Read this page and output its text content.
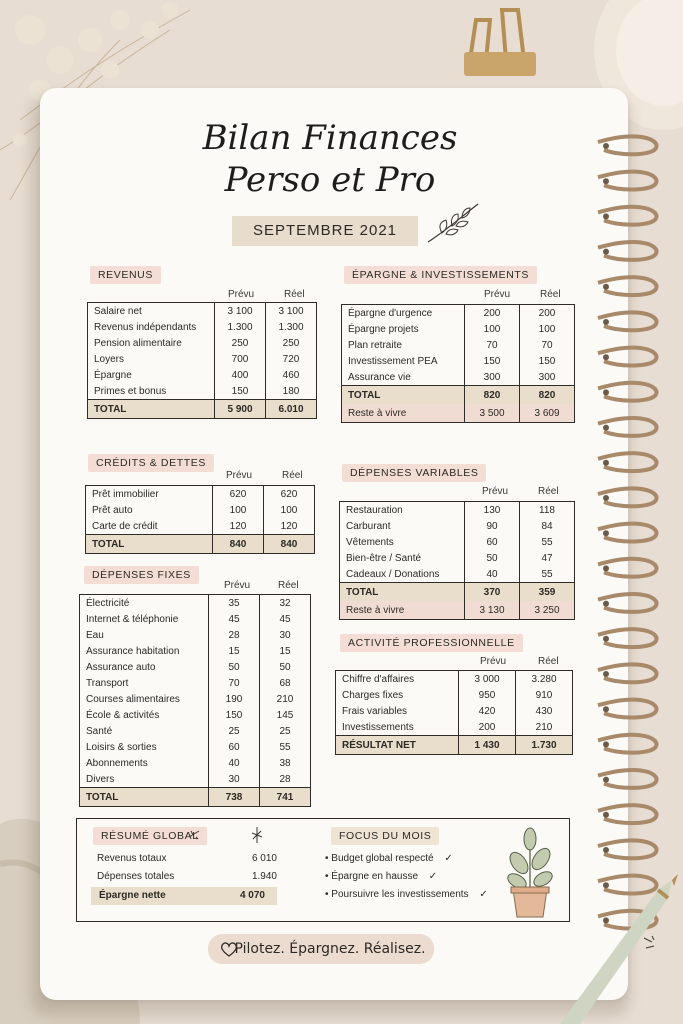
Bilan Finances
Perso et Pro
SEPTEMBRE 2021
REVENUS
Prévu	Réel
Salaire net	3 100	3 100
Revenus indépendants	1.300	1.300
Pension alimentaire	250	250
Loyers	700	720
Épargne	400	460
Primes et bonus	150	180
TOTAL	5 900	6.010
ÉPARGNE & INVESTISSEMENTS
Prévu	Réel
Épargne d'urgence	200	200
Épargne projets	100	100
Plan retraite	70	70
Investissement PEA	150	150
Assurance vie	300	300
TOTAL	820	820
Reste à vivre	3 500	3 609
CRÉDITS & DETTES
Prévu	Réel
Prêt immobilier	620	620
Prêt auto	100	100
Carte de crédit	120	120
TOTAL	840	840
DÉPENSES VARIABLES
Prévu	Réel
Restauration	130	118
Carburant	90	84
Vêtements	60	55
Bien-être / Santé	50	47
Cadeaux / Donations	40	55
TOTAL	370	359
Reste à vivre	3 130	3 250
DÉPENSES FIXES
Prévu	Réel
Électricité	35	32
Internet & téléphonie	45	45
Eau	28	30
Assurance habitation	15	15
Assurance auto	50	50
Transport	70	68
Courses alimentaires	190	210
École & activités	150	145
Santé	25	25
Loisirs & sorties	60	55
Abonnements	40	38
Divers	30	28
TOTAL	738	741
ACTIVITÉ PROFESSIONNELLE
Prévu	Réel
Chiffre d'affaires	3 000	3.280
Charges fixes	950	910
Frais variables	420	430
Investissements	200	210
RÉSULTAT NET	1 430	1.730
RÉSUMÉ GLOBAL
Revenus totaux	6 010
Dépenses totales	1.940
Épargne nette	4 070
FOCUS DU MOIS
• Budget global respecté ✓
• Épargne en hausse ✓
• Poursuivre les investissements ✓
Pilotez. Épargnez. Réalisez.
